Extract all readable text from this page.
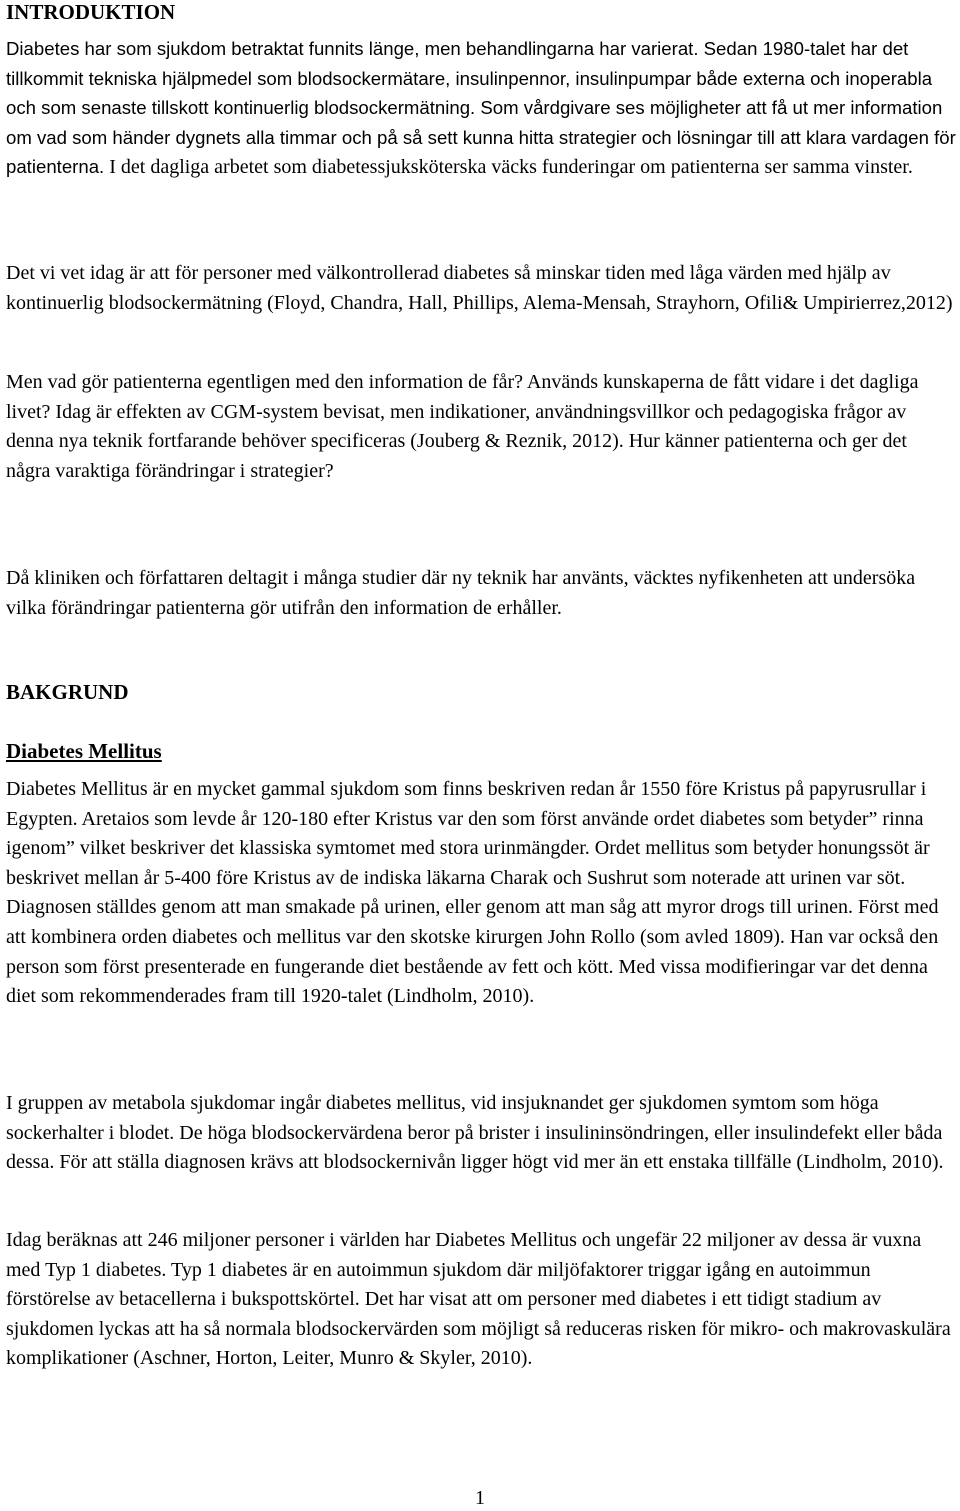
INTRODUKTION

Diabetes har som sjukdom betraktat funnits länge, men behandlingarna har varierat. Sedan 1980-talet har det tillkommit tekniska hjälpmedel som blodsockermätare, insulinpennor, insulinpumpar både externa och inoperabla och som senaste tillskott kontinuerlig blodsockermätning. Som vårdgivare ses möjligheter att få ut mer information om vad som händer dygnets alla timmar och på så sett kunna hitta strategier och lösningar till att klara vardagen för patienterna. I det dagliga arbetet som diabetessjuksköterska väcks funderingar om patienterna ser samma vinster.

Det vi vet idag är att för personer med välkontrollerad diabetes så minskar tiden med låga värden med hjälp av kontinuerlig blodsockermätning (Floyd, Chandra, Hall, Phillips, Alema-Mensah, Strayhorn, Ofili& Umpirierrez,2012)

Men vad gör patienterna egentligen med den information de får? Används kunskaperna de fått vidare i det dagliga livet? Idag är effekten av CGM-system bevisat, men indikationer, användningsvillkor och pedagogiska frågor av denna nya teknik fortfarande behöver specificeras (Jouberg & Reznik, 2012). Hur känner patienterna och ger det några varaktiga förändringar i strategier?

Då kliniken och författaren deltagit i många studier där ny teknik har använts, väcktes nyfikenheten att undersöka vilka förändringar patienterna gör utifrån den information de erhåller.

BAKGRUND
Diabetes Mellitus

Diabetes Mellitus är en mycket gammal sjukdom som finns beskriven redan år 1550 före Kristus på papyrusrullar i Egypten. Aretaios som levde år 120-180 efter Kristus var den som först använde ordet diabetes som betyder” rinna igenom” vilket beskriver det klassiska symtomet med stora urinmängder. Ordet mellitus som betyder honungssöt är beskrivet mellan år 5-400 före Kristus av de indiska läkarna Charak och Sushrut som noterade att urinen var söt. Diagnosen ställdes genom att man smakade på urinen, eller genom att man såg att myror drogs till urinen. Först med att kombinera orden diabetes och mellitus var den skotske kirurgen John Rollo (som avled 1809). Han var också den person som först presenterade en fungerande diet bestående av fett och kött. Med vissa modifieringar var det denna diet som rekommenderades fram till 1920-talet (Lindholm, 2010).

I gruppen av metabola sjukdomar ingår diabetes mellitus, vid insjuknandet ger sjukdomen symtom som höga sockerhalter i blodet. De höga blodsockervärdena beror på brister i insulininsöndringen, eller insulindefekt eller båda dessa. För att ställa diagnosen krävs att blodsockernivån ligger högt vid mer än ett enstaka tillfälle (Lindholm, 2010).

Idag beräknas att 246 miljoner personer i världen har Diabetes Mellitus och ungefär 22 miljoner av dessa är vuxna med Typ 1 diabetes. Typ 1 diabetes är en autoimmun sjukdom där miljöfaktorer triggar igång en autoimmun förstörelse av betacellerna i bukspottskörtel. Det har visat att om personer med diabetes i ett tidigt stadium av sjukdomen lyckas att ha så normala blodsockervärden som möjligt så reduceras risken för mikro- och makrovaskulära komplikationer (Aschner, Horton, Leiter, Munro & Skyler, 2010).

1
